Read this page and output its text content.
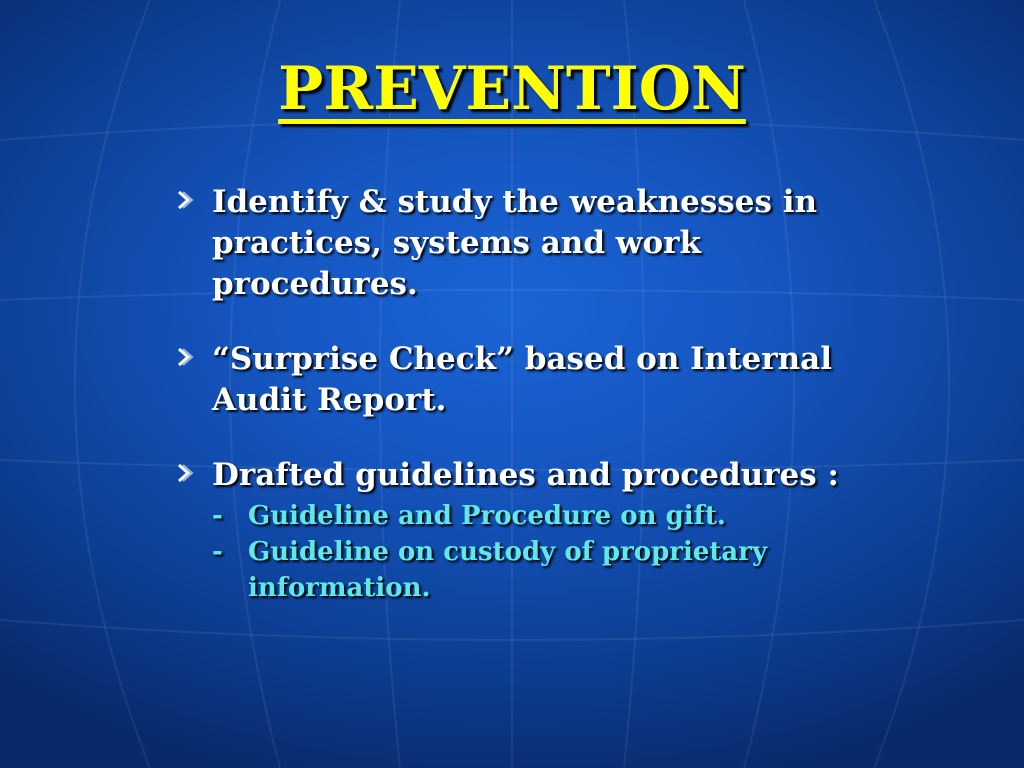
PREVENTION
Identify & study the weaknesses in practices, systems and work procedures.
“Surprise Check” based on Internal Audit Report.
Drafted guidelines and procedures :
- Guideline and Procedure on gift.
- Guideline on custody of proprietary information.
